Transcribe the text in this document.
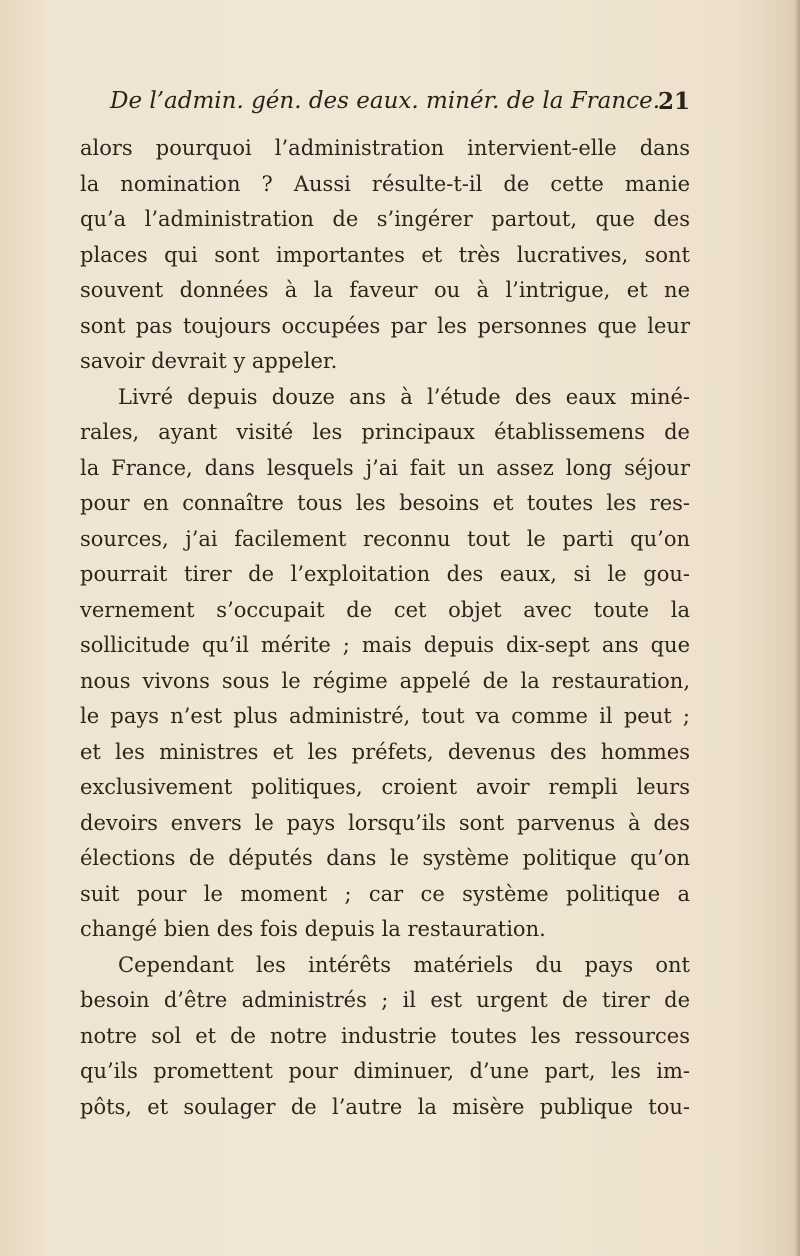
De l’admin. gén. des eaux. minér. de la France.
21
alors pourquoi l’administration intervient-elle dans
la nomination ? Aussi résulte-t-il de cette manie
qu’a l’administration de s’ingérer partout, que des
places qui sont importantes et très lucratives, sont
souvent données à la faveur ou à l’intrigue, et ne
sont pas toujours occupées par les personnes que leur
savoir devrait y appeler.
Livré depuis douze ans à l’étude des eaux miné-
rales, ayant visité les principaux établissemens de
la France, dans lesquels j’ai fait un assez long séjour
pour en connaître tous les besoins et toutes les res-
sources, j’ai facilement reconnu tout le parti qu’on
pourrait tirer de l’exploitation des eaux, si le gou-
vernement s’occupait de cet objet avec toute la
sollicitude qu’il mérite ; mais depuis dix-sept ans que
nous vivons sous le régime appelé de la restauration,
le pays n’est plus administré, tout va comme il peut ;
et les ministres et les préfets, devenus des hommes
exclusivement politiques, croient avoir rempli leurs
devoirs envers le pays lorsqu’ils sont parvenus à des
élections de députés dans le système politique qu’on
suit pour le moment ; car ce système politique a
changé bien des fois depuis la restauration.
Cependant les intérêts matériels du pays ont
besoin d’être administrés ; il est urgent de tirer de
notre sol et de notre industrie toutes les ressources
qu’ils promettent pour diminuer, d’une part, les im-
pôts, et soulager de l’autre la misère publique tou-
